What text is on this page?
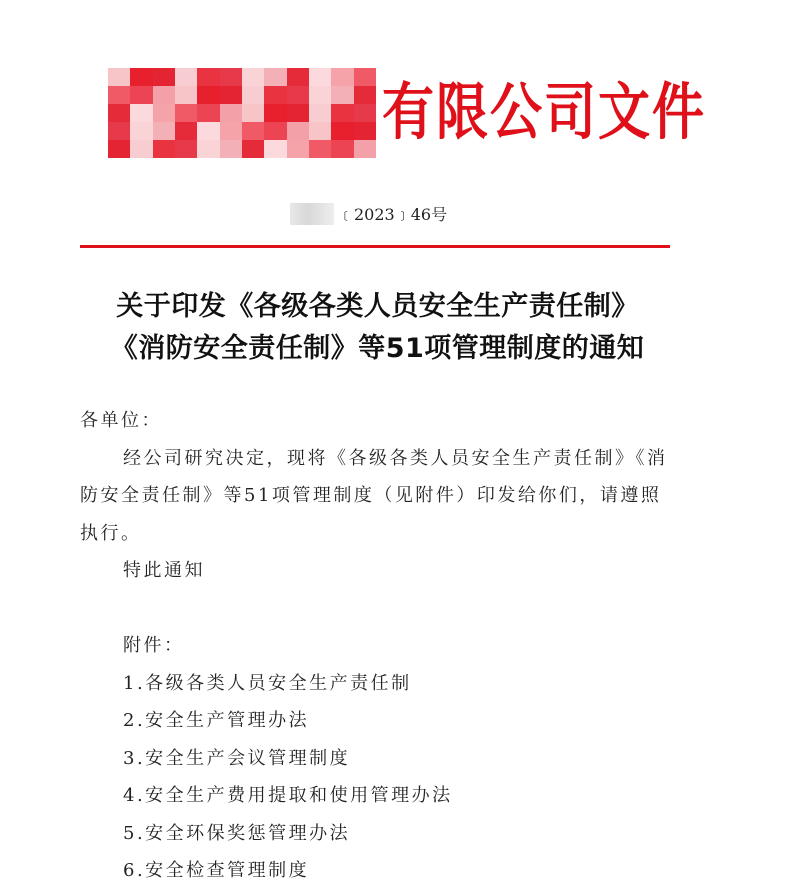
有限公司文件
﹝2023﹞46号
关于印发《各级各类人员安全生产责任制》
《消防安全责任制》等51项管理制度的通知

各单位：

经公司研究决定，现将《各级各类人员安全生产责任制》《消防安全责任制》等51项管理制度（见附件）印发给你们，请遵照执行。

特此通知

附件：

1.各级各类人员安全生产责任制
2.安全生产管理办法
3.安全生产会议管理制度
4.安全生产费用提取和使用管理办法
5.安全环保奖惩管理办法
6.安全检查管理制度
